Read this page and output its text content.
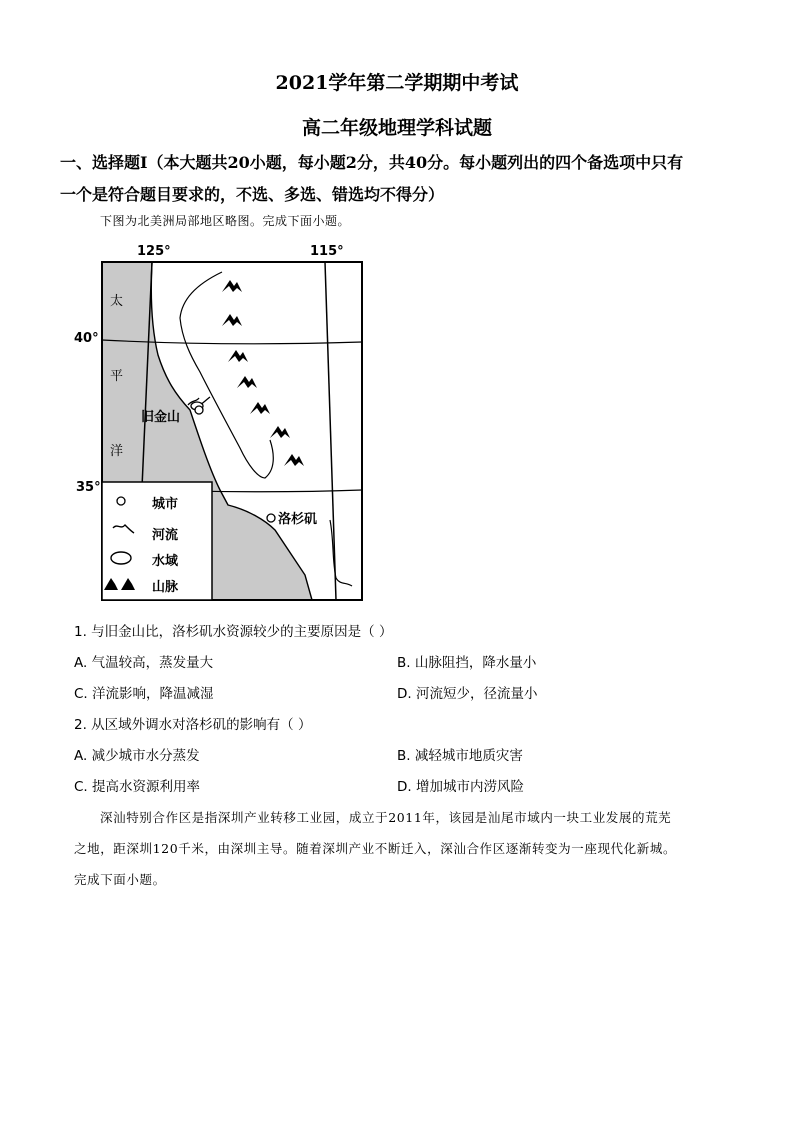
2021学年第二学期期中考试
高二年级地理学科试题
一、选择题Ⅰ（本大题共20小题，每小题2分，共40分。每小题列出的四个备选项中只有
一个是符合题目要求的，不选、多选、错选均不得分）
下图为北美洲局部地区略图。完成下面小题。
125°	115°
40°
35°
太
平
洋
旧金山
洛杉矶
城市
河流
水域
山脉
1. 与旧金山比，洛杉矶水资源较少的主要原因是（ ）
A. 气温较高，蒸发量大	B. 山脉阻挡，降水量小
C. 洋流影响，降温减湿	D. 河流短少，径流量小
2. 从区域外调水对洛杉矶的影响有（ ）
A. 减少城市水分蒸发	B. 减轻城市地质灾害
C. 提高水资源利用率	D. 增加城市内涝风险
深汕特别合作区是指深圳产业转移工业园，成立于2011年，该园是汕尾市域内一块工业发展的荒芜
之地，距深圳120千米，由深圳主导。随着深圳产业不断迁入，深汕合作区逐渐转变为一座现代化新城。
完成下面小题。
